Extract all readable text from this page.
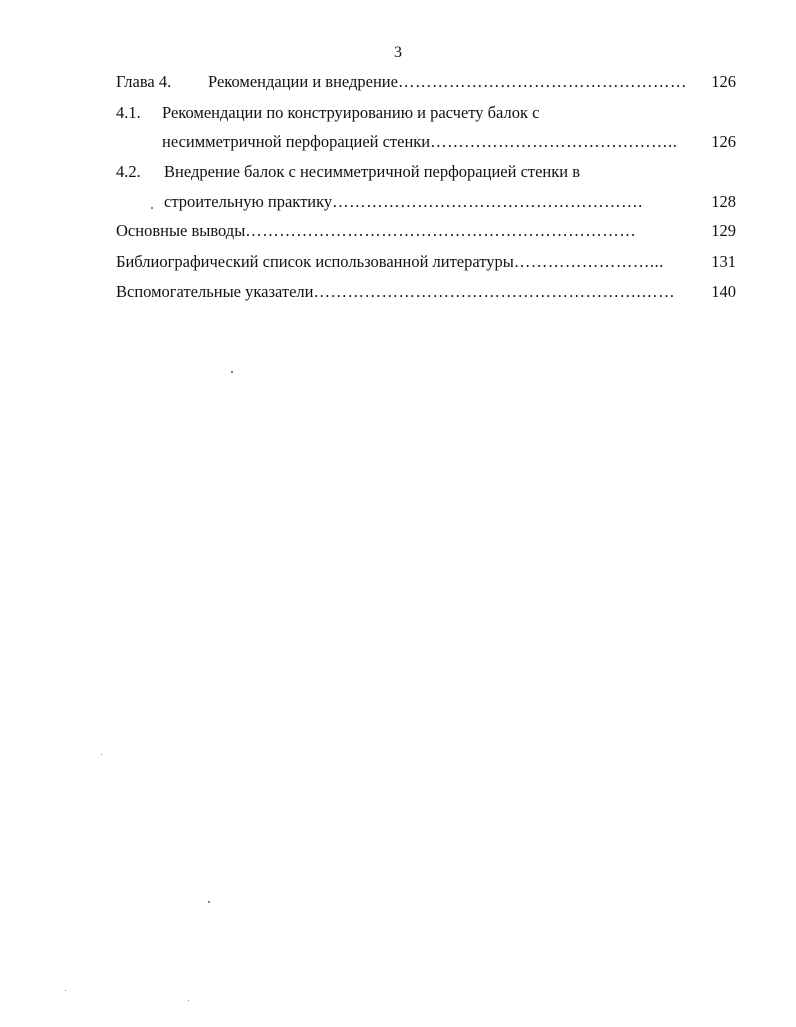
3
Глава 4. Рекомендации и внедрение……………………………………………	126
4.1. Рекомендации по конструированию и расчету балок с
несимметричной перфорацией стенки……………………………………..	126
4.2. Внедрение балок с несимметричной перфорацией стенки в
строительную практику……………………………………………….	128
Основные выводы……………………………………………………………	129
Библиографический список использованной литературы……………………...	131
Вспомогательные указатели………………………………………………….……	140
